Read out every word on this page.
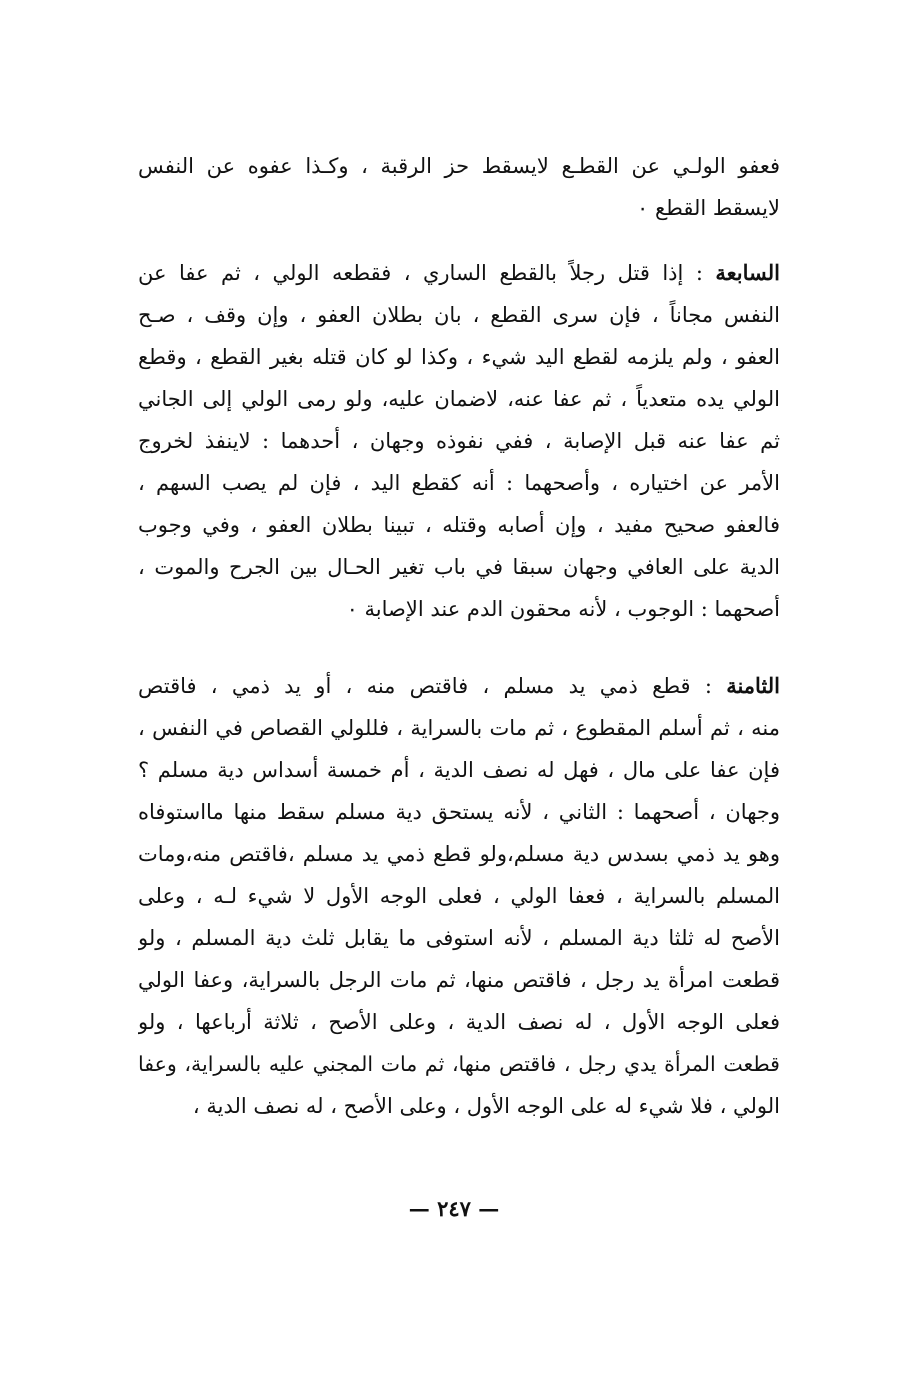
فعفو الولـي عن القطـع لايسقط حز الرقبة ، وكـذا عفوه عن النفس
لايسقط القطع ٠
السابعة : إذا قتل رجلاً بالقطع الساري ، فقطعه الولي ، ثم عفا عن
النفس مجاناً ، فإن سرى القطع ، بان بطلان العفو ، وإن وقف ، صـح
العفو ، ولم يلزمه لقطع اليد شيء ، وكذا لو كان قتله بغير القطع ، وقطع
الولي يده متعدياً ، ثم عفا عنه، لاضمان عليه، ولو رمى الولي إلى الجاني
ثم عفا عنه قبل الإصابة ، ففي نفوذه وجهان ، أحدهما : لاينفذ لخروج
الأمر عن اختياره ، وأصحهما : أنه كقطع اليد ، فإن لم يصب السهم ،
فالعفو صحيح مفيد ، وإن أصابه وقتله ، تبينا بطلان العفو ، وفي وجوب
الدية على العافي وجهان سبقا في باب تغير الحـال بين الجرح والموت ،
أصحهما : الوجوب ، لأنه محقون الدم عند الإصابة ٠
الثامنة : قطع ذمي يد مسلم ، فاقتص منه ، أو يد ذمي ، فاقتص
منه ، ثم أسلم المقطوع ، ثم مات بالسراية ، فللولي القصاص في النفس ،
فإن عفا على مال ، فهل له نصف الدية ، أم خمسة أسداس دية مسلم ؟
وجهان ، أصحهما : الثاني ، لأنه يستحق دية مسلم سقط منها مااستوفاه
وهو يد ذمي بسدس دية مسلم،ولو قطع ذمي يد مسلم ،فاقتص منه،ومات
المسلم بالسراية ، فعفا الولي ، فعلى الوجه الأول لا شيء لـه ، وعلى
الأصح له ثلثا دية المسلم ، لأنه استوفى ما يقابل ثلث دية المسلم ، ولو
قطعت امرأة يد رجل ، فاقتص منها، ثم مات الرجل بالسراية، وعفا الولي
فعلى الوجه الأول ، له نصف الدية ، وعلى الأصح ، ثلاثة أرباعها ، ولو
قطعت المرأة يدي رجل ، فاقتص منها، ثم مات المجني عليه بالسراية، وعفا
الولي ، فلا شيء له على الوجه الأول ، وعلى الأصح ، له نصف الدية ،
— ٢٤٧ —
